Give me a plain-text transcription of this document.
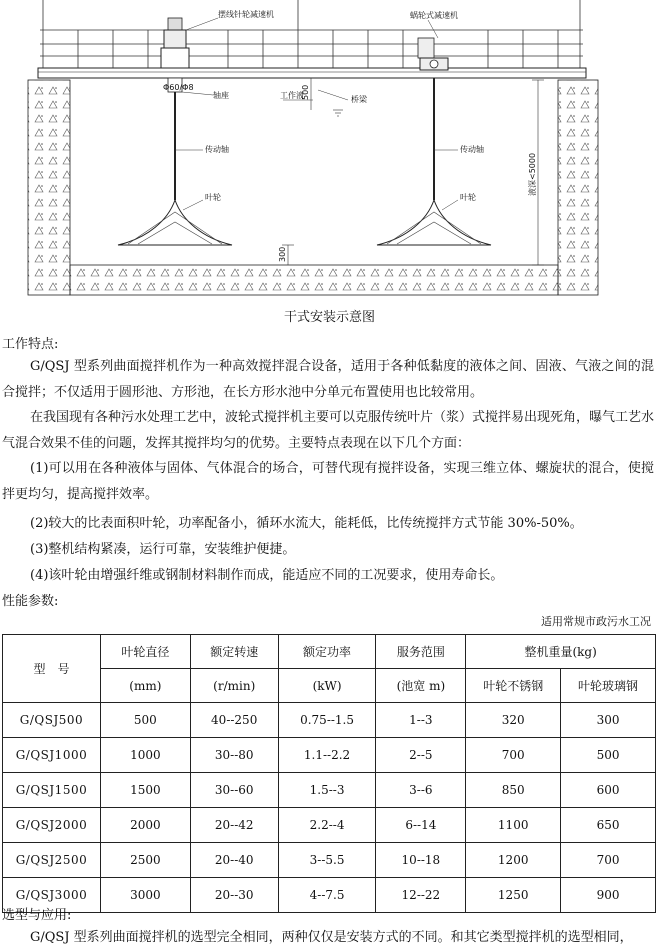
摆线针轮减速机	蜗轮式减速机
Φ60/Φ8
轴座	工作液	桥梁
传动轴	传动轴
叶轮	叶轮
500
液深<5000
300
干式安装示意图
工作特点:
G/QSJ 型系列曲面搅拌机作为一种高效搅拌混合设备，适用于各种低黏度的液体之间、固液、气液之间的混合搅拌；不仅适用于圆形池、方形池，在长方形水池中分单元布置使用也比较常用。
在我国现有各种污水处理工艺中，波轮式搅拌机主要可以克服传统叶片（浆）式搅拌易出现死角，曝气工艺水气混合效果不佳的问题，发挥其搅拌均匀的优势。主要特点表现在以下几个方面：
(1)可以用在各种液体与固体、气体混合的场合，可替代现有搅拌设备，实现三维立体、螺旋状的混合，使搅拌更均匀，提高搅拌效率。
(2)较大的比表面积叶轮，功率配备小，循环水流大，能耗低，比传统搅拌方式节能 30%-50%。
(3)整机结构紧凑，运行可靠，安装维护便捷。
(4)该叶轮由增强纤维或钢制材料制作而成，能适应不同的工况要求，使用寿命长。
性能参数:
适用常规市政污水工况
型　号	叶轮直径	额定转速	额定功率	服务范围	整机重量(kg)	
	(mm)	(r/min)	(kW)	(池宽 m)	叶轮不锈钢	叶轮玻璃钢
G/QSJ500	500	40--250	0.75--1.5	1--3	320	300
G/QSJ1000	1000	30--80	1.1--2.2	2--5	700	500
G/QSJ1500	1500	30--60	1.5--3	3--6	850	600
G/QSJ2000	2000	20--42	2.2--4	6--14	1100	650
G/QSJ2500	2500	20--40	3--5.5	10--18	1200	700
G/QSJ3000	3000	20--30	4--7.5	12--22	1250	900
选型与应用:
G/QSJ 型系列曲面搅拌机的选型完全相同，两种仅仅是安装方式的不同。和其它类型搅拌机的选型相同，
